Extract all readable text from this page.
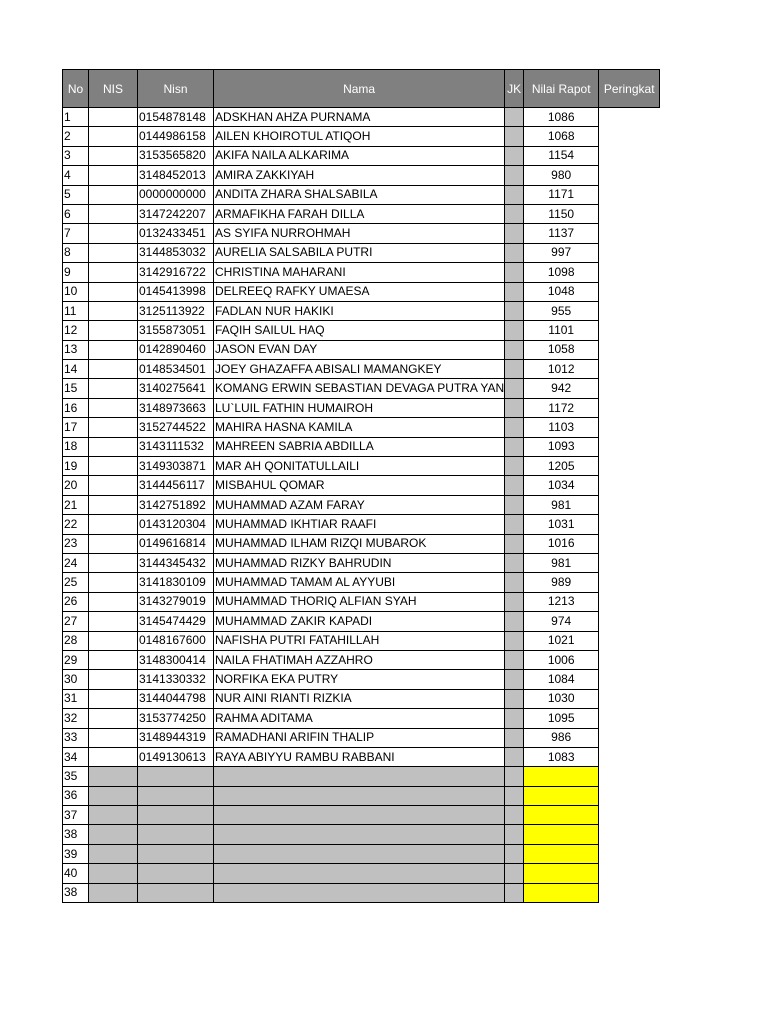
No	NIS	Nisn	Nama	JK	Nilai Rapot	Peringkat
1		0154878148	ADSKHAN AHZA PURNAMA		1086	
2		0144986158	AILEN KHOIROTUL ATIQOH		1068	
3		3153565820	AKIFA NAILA ALKARIMA		1154	
4		3148452013	AMIRA ZAKKIYAH		980	
5		0000000000	ANDITA ZHARA SHALSABILA		1171	
6		3147242207	ARMAFIKHA FARAH DILLA		1150	
7		0132433451	AS SYIFA NURROHMAH		1137	
8		3144853032	AURELIA SALSABILA PUTRI		997	
9		3142916722	CHRISTINA MAHARANI		1098	
10		0145413998	DELREEQ RAFKY UMAESA		1048	
11		3125113922	FADLAN NUR HAKIKI		955	
12		3155873051	FAQIH SAILUL HAQ		1101	
13		0142890460	JASON EVAN DAY		1058	
14		0148534501	JOEY GHAZAFFA ABISALI MAMANGKEY		1012	
15		3140275641	KOMANG ERWIN SEBASTIAN DEVAGA PUTRA YAN		942	
16		3148973663	LU`LUIL FATHIN HUMAIROH		1172	
17		3152744522	MAHIRA HASNA KAMILA		1103	
18		3143111532	MAHREEN SABRIA ABDILLA		1093	
19		3149303871	MAR AH QONITATULLAILI		1205	
20		3144456117	MISBAHUL QOMAR		1034	
21		3142751892	MUHAMMAD AZAM FARAY		981	
22		0143120304	MUHAMMAD IKHTIAR RAAFI		1031	
23		0149616814	MUHAMMAD ILHAM RIZQI MUBAROK		1016	
24		3144345432	MUHAMMAD RIZKY BAHRUDIN		981	
25		3141830109	MUHAMMAD TAMAM AL AYYUBI		989	
26		3143279019	MUHAMMAD THORIQ ALFIAN SYAH		1213	
27		3145474429	MUHAMMAD ZAKIR KAPADI		974	
28		0148167600	NAFISHA PUTRI FATAHILLAH		1021	
29		3148300414	NAILA FHATIMAH AZZAHRO		1006	
30		3141330332	NORFIKA EKA PUTRY		1084	
31		3144044798	NUR AINI RIANTI RIZKIA		1030	
32		3153774250	RAHMA ADITAMA		1095	
33		3148944319	RAMADHANI ARIFIN THALIP		986	
34		0149130613	RAYA ABIYYU RAMBU RABBANI		1083	
35						
36						
37						
38						
39						
40						
38						
